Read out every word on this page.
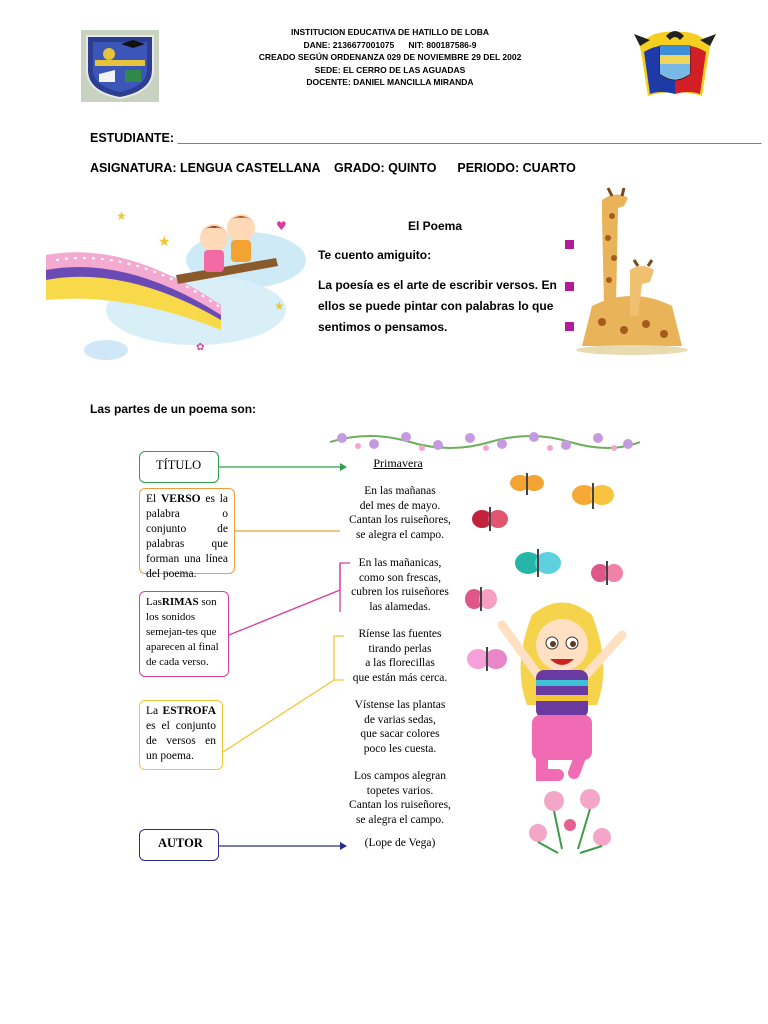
INSTITUCION EDUCATIVA DE HATILLO DE LOBA
DANE: 2136677001075      NIT: 800187586-9
CREADO SEGÚN ORDENANZA 029 DE NOVIEMBRE 29 DEL 2002
SEDE: EL CERRO DE LAS AGUADAS
DOCENTE: DANIEL MANCILLA MIRANDA
ESTUDIANTE: ____________________________________________________________________________________
ASIGNATURA: LENGUA CASTELLANA    GRADO: QUINTO      PERIODO: CUARTO
★
★
★
✿
♥	El Poema
Te cuento amiguito:
La poesía es el arte de escribir versos. En ellos se puede pintar con palabras lo que sentimos o pensamos.
Las partes de un poema son:
TÍTULO
El VERSO es la palabra o conjunto de palabras que forman una línea del poema.
LasRIMAS son los sonidos semejan-tes que aparecen al final de cada verso.
La ESTROFA es el conjunto de versos en un poema.
AUTOR
Primavera
En las mañanas
del mes de mayo.
Cantan los ruiseñores,
se alegra el campo.
En las mañanicas,
como son frescas,
cubren los ruiseñores
las alamedas.
Ríense las fuentes
tirando perlas
a las florecillas
que están más cerca.
Vístense las plantas
de varias sedas,
que sacar colores
poco les cuesta.
Los campos alegran
topetes varios.
Cantan los ruiseñores,
se alegra el campo.
(Lope de Vega)
